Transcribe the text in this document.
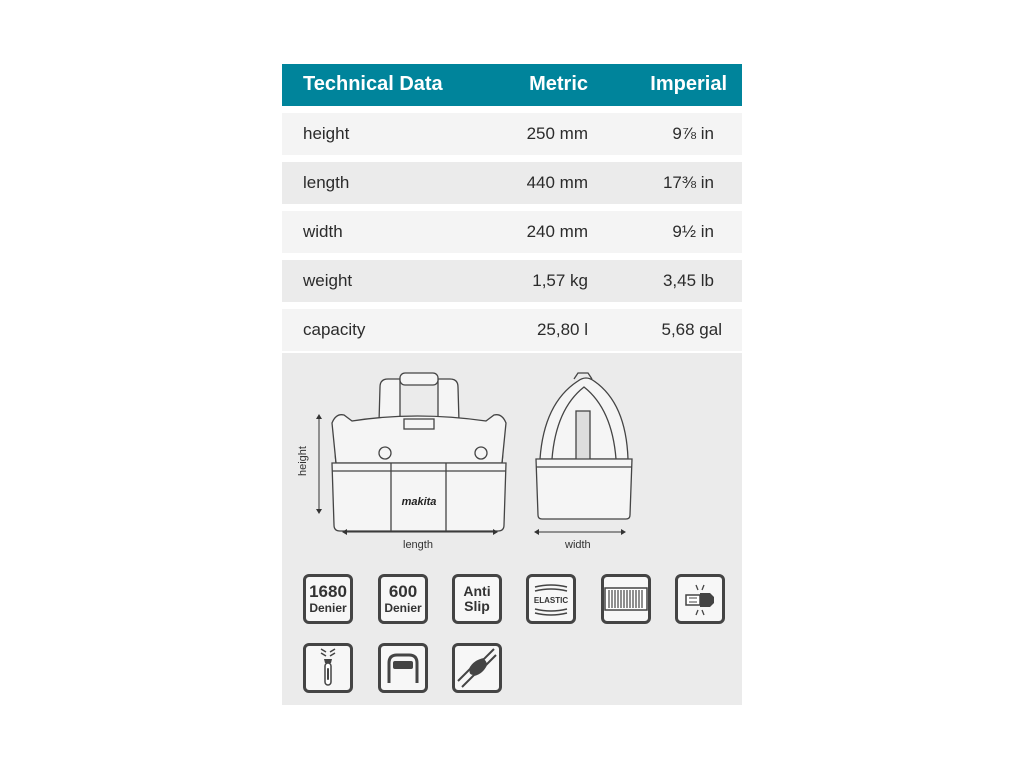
Technical Data	Metric	Imperial
height	250 mm	9⅞ in
length	440 mm	17⅜ in
width	240 mm	9½ in
weight	1,57 kg	3,45 lb
capacity	25,80 l	5,68 gal
makita
height
length	width
1680
Denier
600
Denier
Anti
Slip	ELASTIC
